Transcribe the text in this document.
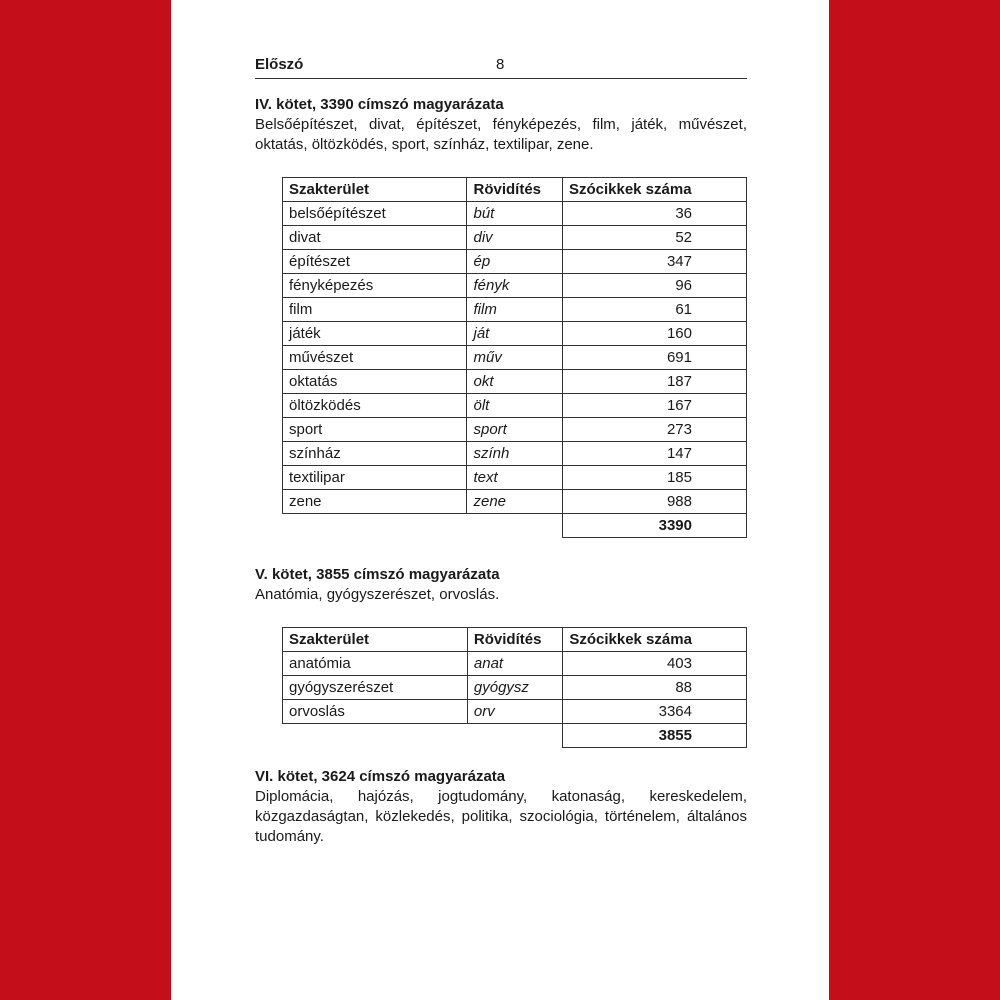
Előszó	8

IV. kötet, 3390 címszó magyarázata

Belsőépítészet, divat, építészet, fényképezés, film, játék, művészet, oktatás, öltözködés, sport, színház, textilipar, zene.

Szakterület	Rövidítés	Szócikkek száma
belsőépítészet	bút	36
divat	div	52
építészet	ép	347
fényképezés	fényk	96
film	film	61
játék	ját	160
művészet	műv	691
oktatás	okt	187
öltözködés	ölt	167
sport	sport	273
színház	szính	147
textilipar	text	185
zene	zene	988
		3390

V. kötet, 3855 címszó magyarázata

Anatómia, gyógyszerészet, orvoslás.

Szakterület	Rövidítés	Szócikkek száma
anatómia	anat	403
gyógyszerészet	gyógysz	88
orvoslás	orv	3364
		3855

VI. kötet, 3624 címszó magyarázata

Diplomácia, hajózás, jogtudomány, katonaság, kereskedelem, közgazdaságtan, közlekedés, politika, szociológia, történelem, általános tudomány.
